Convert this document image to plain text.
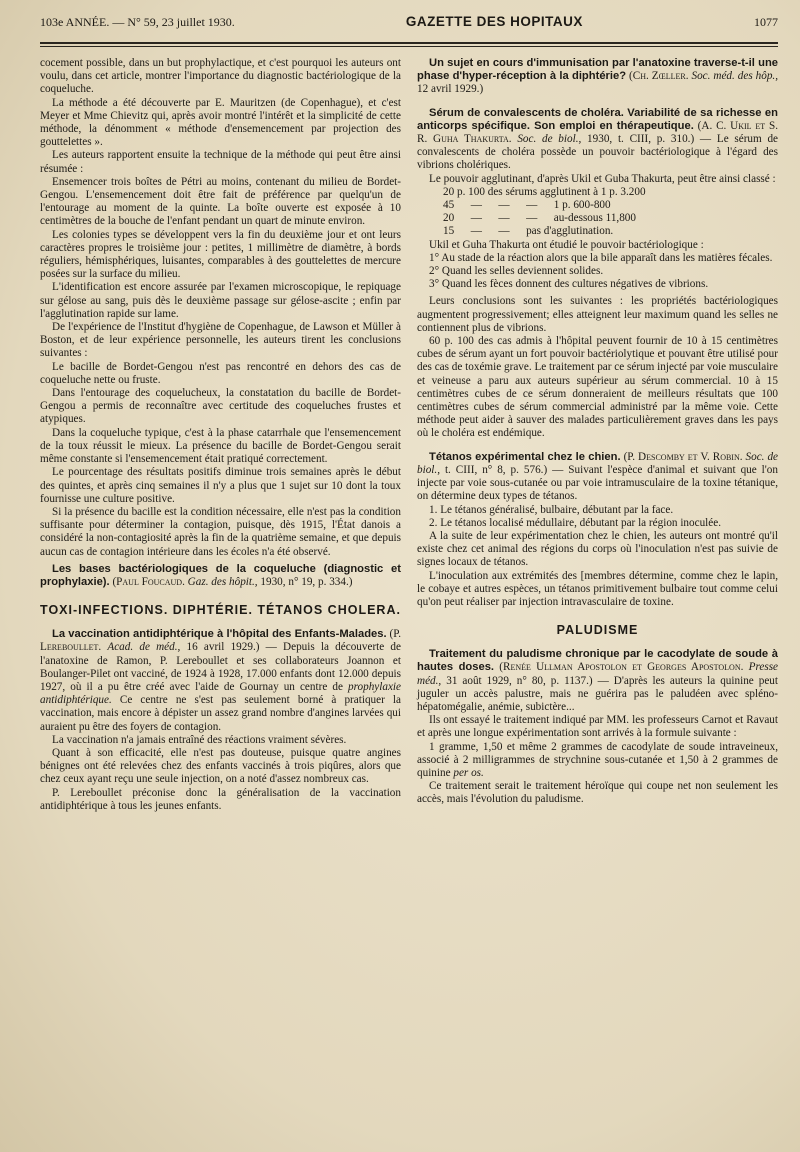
103e ANNÉE. — N° 59, 23 juillet 1930.	GAZETTE DES HOPITAUX	1077

cocement possible, dans un but prophylactique, et c'est pourquoi les auteurs ont voulu, dans cet article, montrer l'importance du diagnostic bactériologique de la coqueluche.

La méthode a été découverte par E. Mauritzen (de Copenhague), et c'est Meyer et Mme Chievitz qui, après avoir montré l'intérêt et la simplicité de cette méthode, la dénomment « méthode d'ensemencement par projection des gouttelettes ».

Les auteurs rapportent ensuite la technique de la méthode qui peut être ainsi résumée :

Ensemencer trois boîtes de Pétri au moins, contenant du milieu de Bordet-Gengou. L'ensemencement doit être fait de préférence par quelqu'un de l'entourage au moment de la quinte. La boîte ouverte est exposée à 10 centimètres de la bouche de l'enfant pendant un quart de minute environ.

Les colonies types se développent vers la fin du deuxième jour et ont leurs caractères propres le troisième jour : petites, 1 millimètre de diamètre, à bords réguliers, hémisphériques, luisantes, comparables à des gouttelettes de mercure posées sur la surface du milieu.

L'identification est encore assurée par l'examen microscopique, le repiquage sur gélose au sang, puis dès le deuxième passage sur gélose-ascite ; enfin par l'agglutination rapide sur lame.

De l'expérience de l'Institut d'hygiène de Copenhague, de Lawson et Müller à Boston, et de leur expérience personnelle, les auteurs tirent les conclusions suivantes :

Le bacille de Bordet-Gengou n'est pas rencontré en dehors des cas de coqueluche nette ou fruste.

Dans l'entourage des coquelucheux, la constatation du bacille de Bordet-Gengou a permis de reconnaître avec certitude des coqueluches frustes et atypiques.

Dans la coqueluche typique, c'est à la phase catarrhale que l'ensemencement de la toux réussit le mieux. La présence du bacille de Bordet-Gengou serait même constante si l'ensemencement était pratiqué correctement.

Le pourcentage des résultats positifs diminue trois semaines après le début des quintes, et après cinq semaines il n'y a plus que 1 sujet sur 10 dont la toux fournisse une culture positive.

Si la présence du bacille est la condition nécessaire, elle n'est pas la condition suffisante pour déterminer la contagion, puisque, dès 1915, l'État danois a considéré la non-contagiosité après la fin de la quatrième semaine, et que depuis aucun cas de contagion intérieure dans les écoles n'a été observé.

Les bases bactériologiques de la coqueluche (diagnostic et prophylaxie). (Paul Foucaud. Gaz. des hôpit., 1930, n° 19, p. 334.)

TOXI-INFECTIONS. DIPHTÉRIE. TÉTANOS CHOLERA.

La vaccination antidiphtérique à l'hôpital des Enfants-Malades. (P. Lereboullet. Acad. de méd., 16 avril 1929.) — Depuis la découverte de l'anatoxine de Ramon, P. Lereboullet et ses collaborateurs Joannon et Boulanger-Pilet ont vacciné, de 1924 à 1928, 17.000 enfants dont 12.000 depuis 1927, où il a pu être créé avec l'aide de Gournay un centre de prophylaxie antidiphtérique. Ce centre ne s'est pas seulement borné à pratiquer la vaccination, mais encore à dépister un assez grand nombre d'angines larvées qui auraient pu être des foyers de contagion.

La vaccination n'a jamais entraîné des réactions vraiment sévères.

Quant à son efficacité, elle n'est pas douteuse, puisque quatre angines bénignes ont été relevées chez des enfants vaccinés à trois piqûres, alors que chez ceux ayant reçu une seule injection, on a noté d'assez nombreux cas.

P. Lereboullet préconise donc la généralisation de la vaccination antidiphtérique à tous les jeunes enfants.

Un sujet en cours d'immunisation par l'anatoxine traverse-t-il une phase d'hyper-réception à la diphtérie? (Ch. Zœller. Soc. méd. des hôp., 12 avril 1929.)

Sérum de convalescents de choléra. Variabilité de sa richesse en anticorps spécifique. Son emploi en thérapeutique. (A. C. Ukil et S. R. Guha Thakurta. Soc. de biol., 1930, t. CIII, p. 310.) — Le sérum de convalescents de choléra possède un pouvoir bactériologique à l'égard des vibrions cholériques.

Le pouvoir agglutinant, d'après Ukil et Guba Thakurta, peut être ainsi classé :

20 p. 100 des sérums agglutinent à 1 p. 3.200				
45	—	—	—	1 p. 600-800
20	—	—	—	au-dessous 11,800
15	—	—	pas d'agglutination.	

Ukil et Guha Thakurta ont étudié le pouvoir bactériologique :

1° Au stade de la réaction alors que la bile apparaît dans les matières fécales.

2° Quand les selles deviennent solides.

3° Quand les fèces donnent des cultures négatives de vibrions.

Leurs conclusions sont les suivantes : les propriétés bactériologiques augmentent progressivement; elles atteignent leur maximum quand les selles ne contiennent plus de vibrions.

60 p. 100 des cas admis à l'hôpital peuvent fournir de 10 à 15 centimètres cubes de sérum ayant un fort pouvoir bactériolytique et pouvant être utilisé pour des cas de toxémie grave. Le traitement par ce sérum injecté par voie musculaire et veineuse a paru aux auteurs supérieur au sérum commercial. 10 à 15 centimètres cubes de ce sérum donneraient de meilleurs résultats que 100 centimètres cubes de sérum commercial administré par la même voie. Cette méthode peut aider à sauver des malades particulièrement graves dans les pays où le choléra est endémique.

Tétanos expérimental chez le chien. (P. Descomby et V. Robin. Soc. de biol., t. CIII, n° 8, p. 576.) — Suivant l'espèce d'animal et suivant que l'on injecte par voie sous-cutanée ou par voie intramusculaire de la toxine tétanique, on détermine deux types de tétanos.

1. Le tétanos généralisé, bulbaire, débutant par la face.

2. Le tétanos localisé médullaire, débutant par la région inoculée.

A la suite de leur expérimentation chez le chien, les auteurs ont montré qu'il existe chez cet animal des régions du corps où l'inoculation n'est pas suivie de signes locaux de tétanos.

L'inoculation aux extrémités des [membres détermine, comme chez le lapin, le cobaye et autres espèces, un tétanos primitivement bulbaire tout comme celui qu'on peut réaliser par injection intravasculaire de toxine.

PALUDISME

Traitement du paludisme chronique par le cacodylate de soude à hautes doses. (Renée Ullman Apostolon et Georges Apostolon. Presse méd., 31 août 1929, n° 80, p. 1137.) — D'après les auteurs la quinine peut juguler un accès palustre, mais ne guérira pas le paludéen avec spléno-hépatomégalie, anémie, subictère...

Ils ont essayé le traitement indiqué par MM. les professeurs Carnot et Ravaut et après une longue expérimentation sont arrivés à la formule suivante :

1 gramme, 1,50 et même 2 grammes de cacodylate de soude intraveineux, associé à 2 milligrammes de strychnine sous-cutanée et 1,50 à 2 grammes de quinine per os.

Ce traitement serait le traitement héroïque qui coupe net non seulement les accès, mais l'évolution du paludisme.
